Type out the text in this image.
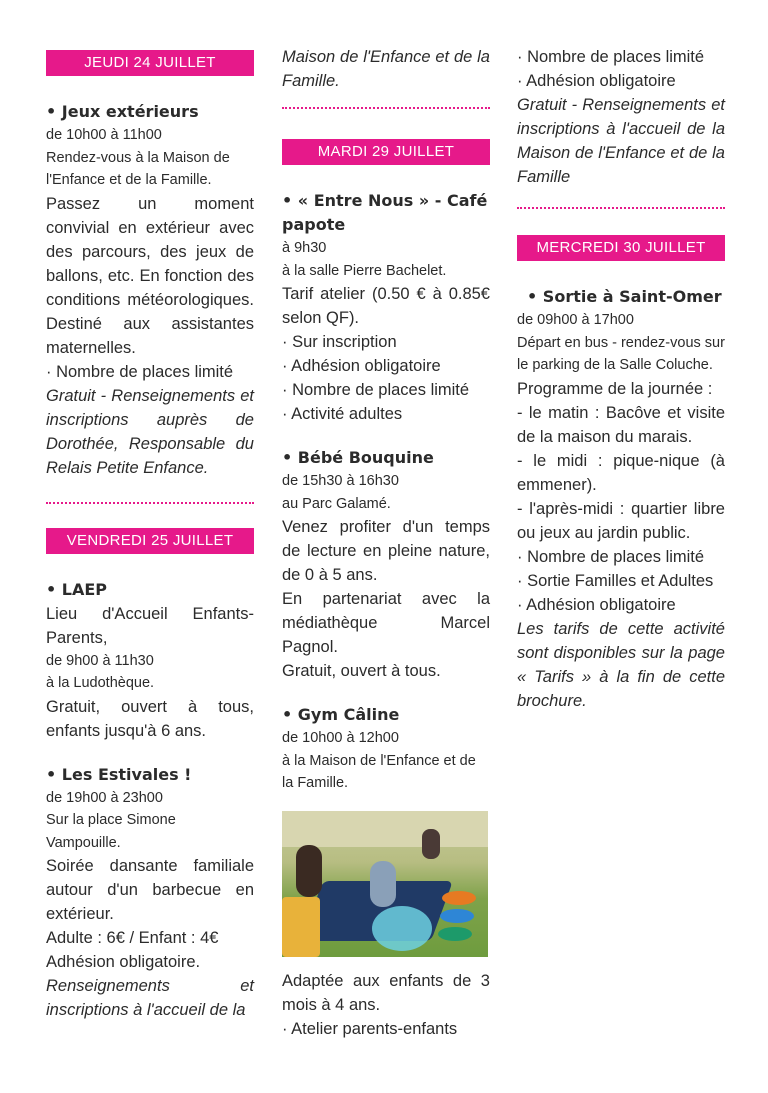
JEUDI 24 JUILLET
• Jeux extérieurs
de 10h00 à 11h00
Rendez-vous à la Maison de l'Enfance et de la Famille.
Passez un moment convivial en extérieur avec des parcours, des jeux de ballons, etc. En fonction des conditions météorologiques. Destiné aux assistantes maternelles.
· Nombre de places limité
Gratuit - Renseignements et inscriptions auprès de Dorothée, Responsable du Relais Petite Enfance.
VENDREDI 25 JUILLET
• LAEP
Lieu d'Accueil Enfants-Parents,
de 9h00 à 11h30
à la Ludothèque.
Gratuit, ouvert à tous, enfants jusqu'à 6 ans.
• Les Estivales !
de 19h00 à 23h00
Sur la place Simone Vampouille.
Soirée dansante familiale autour d'un barbecue en extérieur.
Adulte : 6€ / Enfant : 4€
Adhésion obligatoire.
Renseignements et inscriptions à l'accueil de la
Maison de l'Enfance et de la Famille.
MARDI 29 JUILLET
• « Entre Nous » - Café papote
à 9h30
à la salle Pierre Bachelet.
Tarif atelier (0.50 € à 0.85€ selon QF).
· Sur inscription
· Adhésion obligatoire
· Nombre de places limité
· Activité adultes
• Bébé Bouquine
de 15h30 à 16h30
au Parc Galamé.
Venez profiter d'un temps de lecture en pleine nature, de 0 à 5 ans.
En partenariat avec la médiathèque Marcel Pagnol.
Gratuit, ouvert à tous.
• Gym Câline
de 10h00 à 12h00
à la Maison de l'Enfance et de la Famille.
Adaptée aux enfants de 3 mois à 4 ans.
· Atelier parents-enfants
· Nombre de places limité
· Adhésion obligatoire
Gratuit - Renseignements et inscriptions à l'accueil de la Maison de l'Enfance et de la Famille
MERCREDI 30 JUILLET
• Sortie à Saint-Omer
de 09h00 à 17h00
Départ en bus - rendez-vous sur le parking de la Salle Coluche.
Programme de la journée :
- le matin : Bacôve et visite de la maison du marais.
- le midi : pique-nique (à emmener).
- l'après-midi : quartier libre ou jeux au jardin public.
· Nombre de places limité
· Sortie Familles et Adultes
· Adhésion obligatoire
Les tarifs de cette activité sont disponibles sur la page « Tarifs » à la fin de cette brochure.
